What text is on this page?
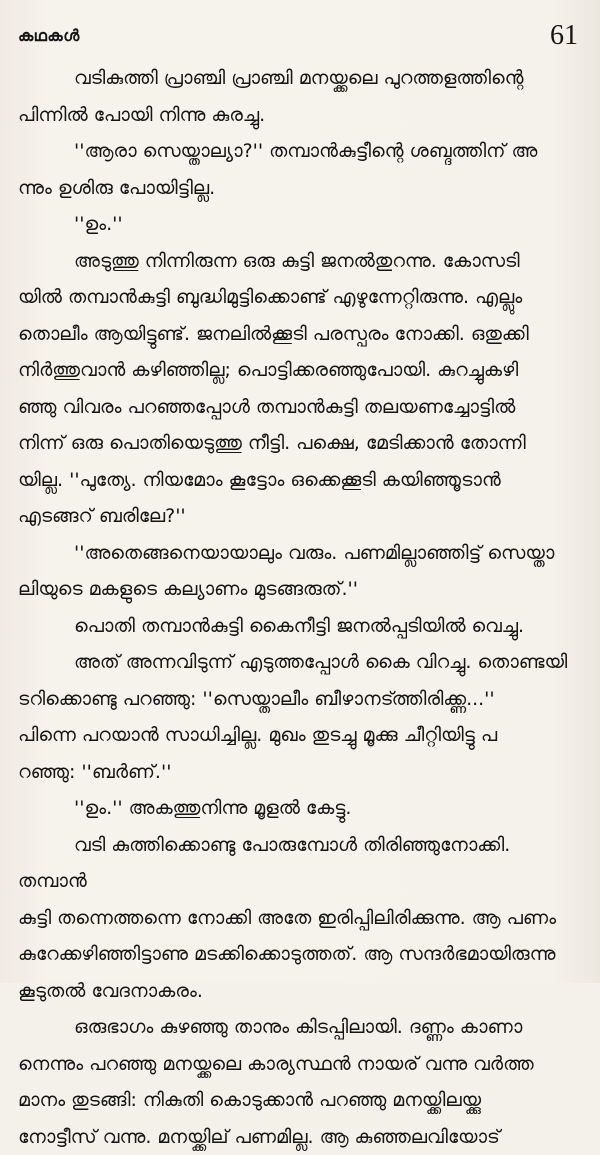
കഥകൾ	61

വടികുത്തി പ്രാഞ്ചി പ്രാഞ്ചി മനയ്ക്കലെ പുറത്തളത്തിന്റെ
പിന്നിൽ പോയി നിന്നു കുരച്ചു.

''ആരാ സെയ്താല്യാ?'' തമ്പാൻകുട്ടീന്റെ ശബ്ദത്തിന് അ
ന്നും ഉശിരു പോയിട്ടില്ല.

''ഉം.''

അടുത്തു നിന്നിരുന്ന ഒരു കുട്ടി ജനൽതുറന്നു. കോസടി
യിൽ തമ്പാൻകുട്ടി ബുദ്ധിമുട്ടിക്കൊണ്ട് എഴുന്നേറ്റിരുന്നു. എല്ലും
തൊലീം ആയിട്ടുണ്ട്. ജനലിൽക്കൂടി പരസ്പരം നോക്കി. ഒതുക്കി
നിർത്തുവാൻ കഴിഞ്ഞില്ല; പൊട്ടിക്കരഞ്ഞുപോയി. കുറച്ചുകഴി
ഞ്ഞു വിവരം പറഞ്ഞപ്പോൾ തമ്പാൻകുട്ടി തലയണച്ചോട്ടിൽ
നിന്ന് ഒരു പൊതിയെടുത്തു നീട്ടി. പക്ഷെ, മേടിക്കാൻ തോന്നി
യില്ല. ''പുത്യേ. നിയമോം കൂട്ടോം ഒക്കെക്കൂടി കയിഞ്ഞൂടാൻ
എടങ്ങറ് ബരിലേ?''

''അതെങ്ങനെയായാലും വരും. പണമില്ലാഞ്ഞിട്ട് സെയ്താ
ലിയുടെ മകളുടെ കല്യാണം മുടങ്ങരുത്.''

പൊതി തമ്പാൻകുട്ടി കൈനീട്ടി ജനൽപ്പടിയിൽ വെച്ചു.

അത് അന്നവിടുന്ന് എടുത്തപ്പോൾ കൈ വിറച്ചു. തൊണ്ടയി
ടറിക്കൊണ്ടു പറഞ്ഞു: ''സെയ്താലീം ബീഴാനട്ത്തിരിക്ക്ണ...''
പിന്നെ പറയാൻ സാധിച്ചില്ല. മുഖം തുടച്ചു മൂക്കു ചീറ്റിയിട്ടു പ
റഞ്ഞു: ''ബർണ്.''

''ഉം.'' അകത്തുനിന്നു മൂളൽ കേട്ടു.

വടി കുത്തിക്കൊണ്ടു പോരുമ്പോൾ തിരിഞ്ഞുനോക്കി. തമ്പാൻ
കുട്ടി തന്നെത്തന്നെ നോക്കി അതേ ഇരിപ്പിലിരിക്കുന്നു. ആ പണം
കുറേക്കഴിഞ്ഞിട്ടാണു മടക്കിക്കൊടുത്തത്. ആ സന്ദർഭമായിരുന്നു
കൂടുതൽ വേദനാകരം.

ഒരുഭാഗം കുഴഞ്ഞു താനും കിടപ്പിലായി. ദണ്ണം കാണാ
നെന്നും പറഞ്ഞു മനയ്ക്കലെ കാര്യസ്ഥൻ നായര് വന്നു വർത്ത
മാനം തുടങ്ങി: നികുതി കൊടുക്കാൻ പറഞ്ഞു മനയ്ക്കിലയ്ക്കു
നോട്ടീസ് വന്നു. മനയ്ക്കില് പണമില്ല. ആ കുഞ്ഞലവിയോട്
